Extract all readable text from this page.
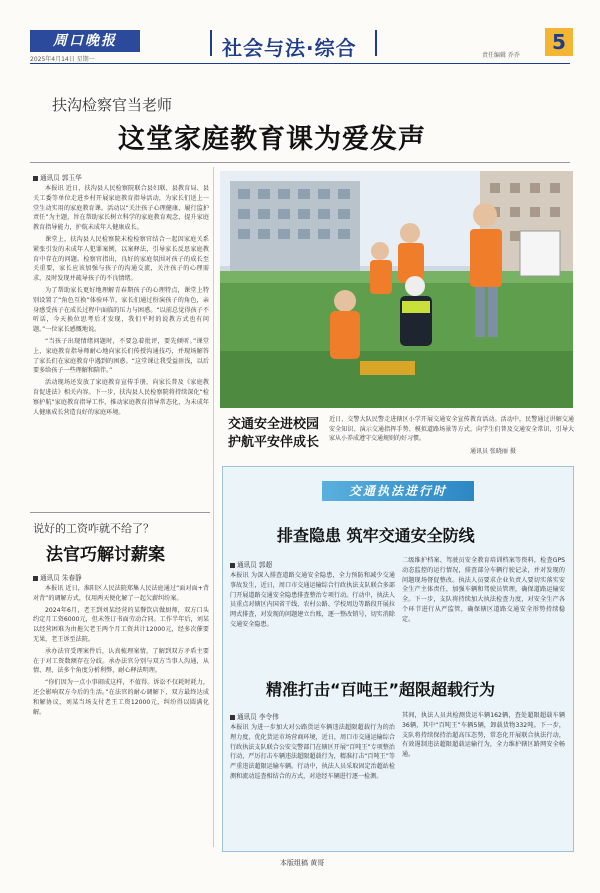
周口晚报
2025年4月14日 星期一	社会与法·综合	责任编辑 乔乔
5
扶沟检察官当老师
这堂家庭教育课为爱发声
通讯员 郭玉华

本报讯 近日，扶沟县人民检察院联合县妇联、县教育局、县关工委等单位走进乡村开展家庭教育指导活动，为家长们送上一堂生动实用的家庭教育课。活动以“关注孩子心理健康，履行监护责任”为主题，旨在帮助家长树立科学的家庭教育观念，提升家庭教育指导能力，护航未成年人健康成长。

课堂上，扶沟县人民检察院未检检察官结合一起因家庭关系紧张引发的未成年人犯罪案例，以案释法，引导家长反思家庭教育中存在的问题。检察官指出，良好的家庭氛围对孩子的成长至关重要，家长应该加强与孩子的沟通交流，关注孩子的心理需求，及时发现并疏导孩子的不良情绪。

为了帮助家长更好地理解青春期孩子的心理特点，课堂上特别设置了“角色互换”体验环节，家长们通过扮演孩子的角色，亲身感受孩子在成长过程中面临的压力与困惑。“以前总觉得孩子不听话，今天换位思考后才发现，我们平时的说教方式也有问题。”一位家长感慨地说。

“当孩子出现情绪问题时，不要急着批评，要先倾听。”课堂上，家庭教育指导师耐心地向家长们传授沟通技巧，并现场解答了家长们在家庭教育中遇到的困惑。“这堂课让我受益匪浅，以后要多给孩子一些理解和陪伴。”

活动现场还发放了家庭教育宣传手册，向家长普及《家庭教育促进法》相关内容。下一步，扶沟县人民检察院将持续深化“检察护航”家庭教育指导工作，推动家庭教育指导常态化，为未成年人健康成长营造良好的家庭环境。

交通安全进校园
护航平安伴成长
近日，交警大队民警走进辖区小学开展交通安全宣传教育活动。活动中，民警通过讲解交通安全知识、演示交通指挥手势、模拟道路场景等方式，向学生们普及交通安全常识，引导大家从小养成遵守交通规则的好习惯。
通讯员 张晓丽 摄
说好的工资咋就不给了？
法官巧解讨薪案
通讯员 朱春静

本报讯 近日，淮阳区人民法院郑集人民法庭通过“面对面+背对背”的调解方式，仅用两天便化解了一起欠薪纠纷案。

2024年6月，老王到刘某经营的某餐饮店做厨师，双方口头约定月工资6000元，但未签订书面劳动合同。工作半年后，刘某以经营困难为由拖欠老王两个月工资共计12000元，经多次催要无果，老王诉至法院。

承办法官受理案件后，认真梳理案情，了解到双方矛盾主要在于对工资数额存在分歧。承办法官分别与双方当事人沟通，从情、理、法多个角度分析利弊，耐心释法明理。

“你们因为一点小事闹成这样，不值得。诉讼不仅耗时耗力，还会影响双方今后的生活。”在法官的耐心调解下，双方最终达成和解协议，刘某当场支付老王工资12000元，纠纷得以圆满化解。

交通执法进行时
排查隐患 筑牢交通安全防线
通讯员 郭超
本报讯 为深入排查道路交通安全隐患，全力预防和减少交通事故发生，近日，周口市交通运输综合行政执法支队联合多部门开展道路交通安全隐患排查整治专项行动。行动中，执法人员重点对辖区内国省干线、农村公路、学校周边等路段开展拉网式排查，对发现的问题建立台账，逐一整改销号，切实消除交通安全隐患。
二级维护档案、驾驶员安全教育培训档案等资料，检查GPS动态监控的运行情况，排查部分车辆行驶记录，并对发现的问题现场督促整改。执法人员要求企业负责人要切实落实安全生产主体责任，加强车辆和驾驶员管理，确保道路运输安全。下一步，支队将持续加大执法检查力度，对安全生产各个环节进行从严监管，确保辖区道路交通安全形势持续稳定。
精准打击“百吨王”超限超载行为
通讯员 李令伟
本报讯 为进一步加大对公路货运车辆违法超限超载行为的治理力度，优化货运市场营商环境，近日，周口市交通运输综合行政执法支队联合公安交警部门在辖区开展“百吨王”专项整治行动，严厉打击车辆违法超限超载行为，精准打击“百吨王”等严重违法超限运输车辆。行动中，执法人员采取固定治超站检测和流动巡查相结合的方式，对途经车辆进行逐一检测。
其间，执法人员共检测货运车辆162辆，查处超限超载车辆36辆，其中“百吨王”车辆5辆，卸载货物332吨。下一步，支队将持续保持治超高压态势，常态化开展联合执法行动，有效遏制违法超限超载运输行为，全力维护辖区路网安全畅通。
本版组稿 黄哥
